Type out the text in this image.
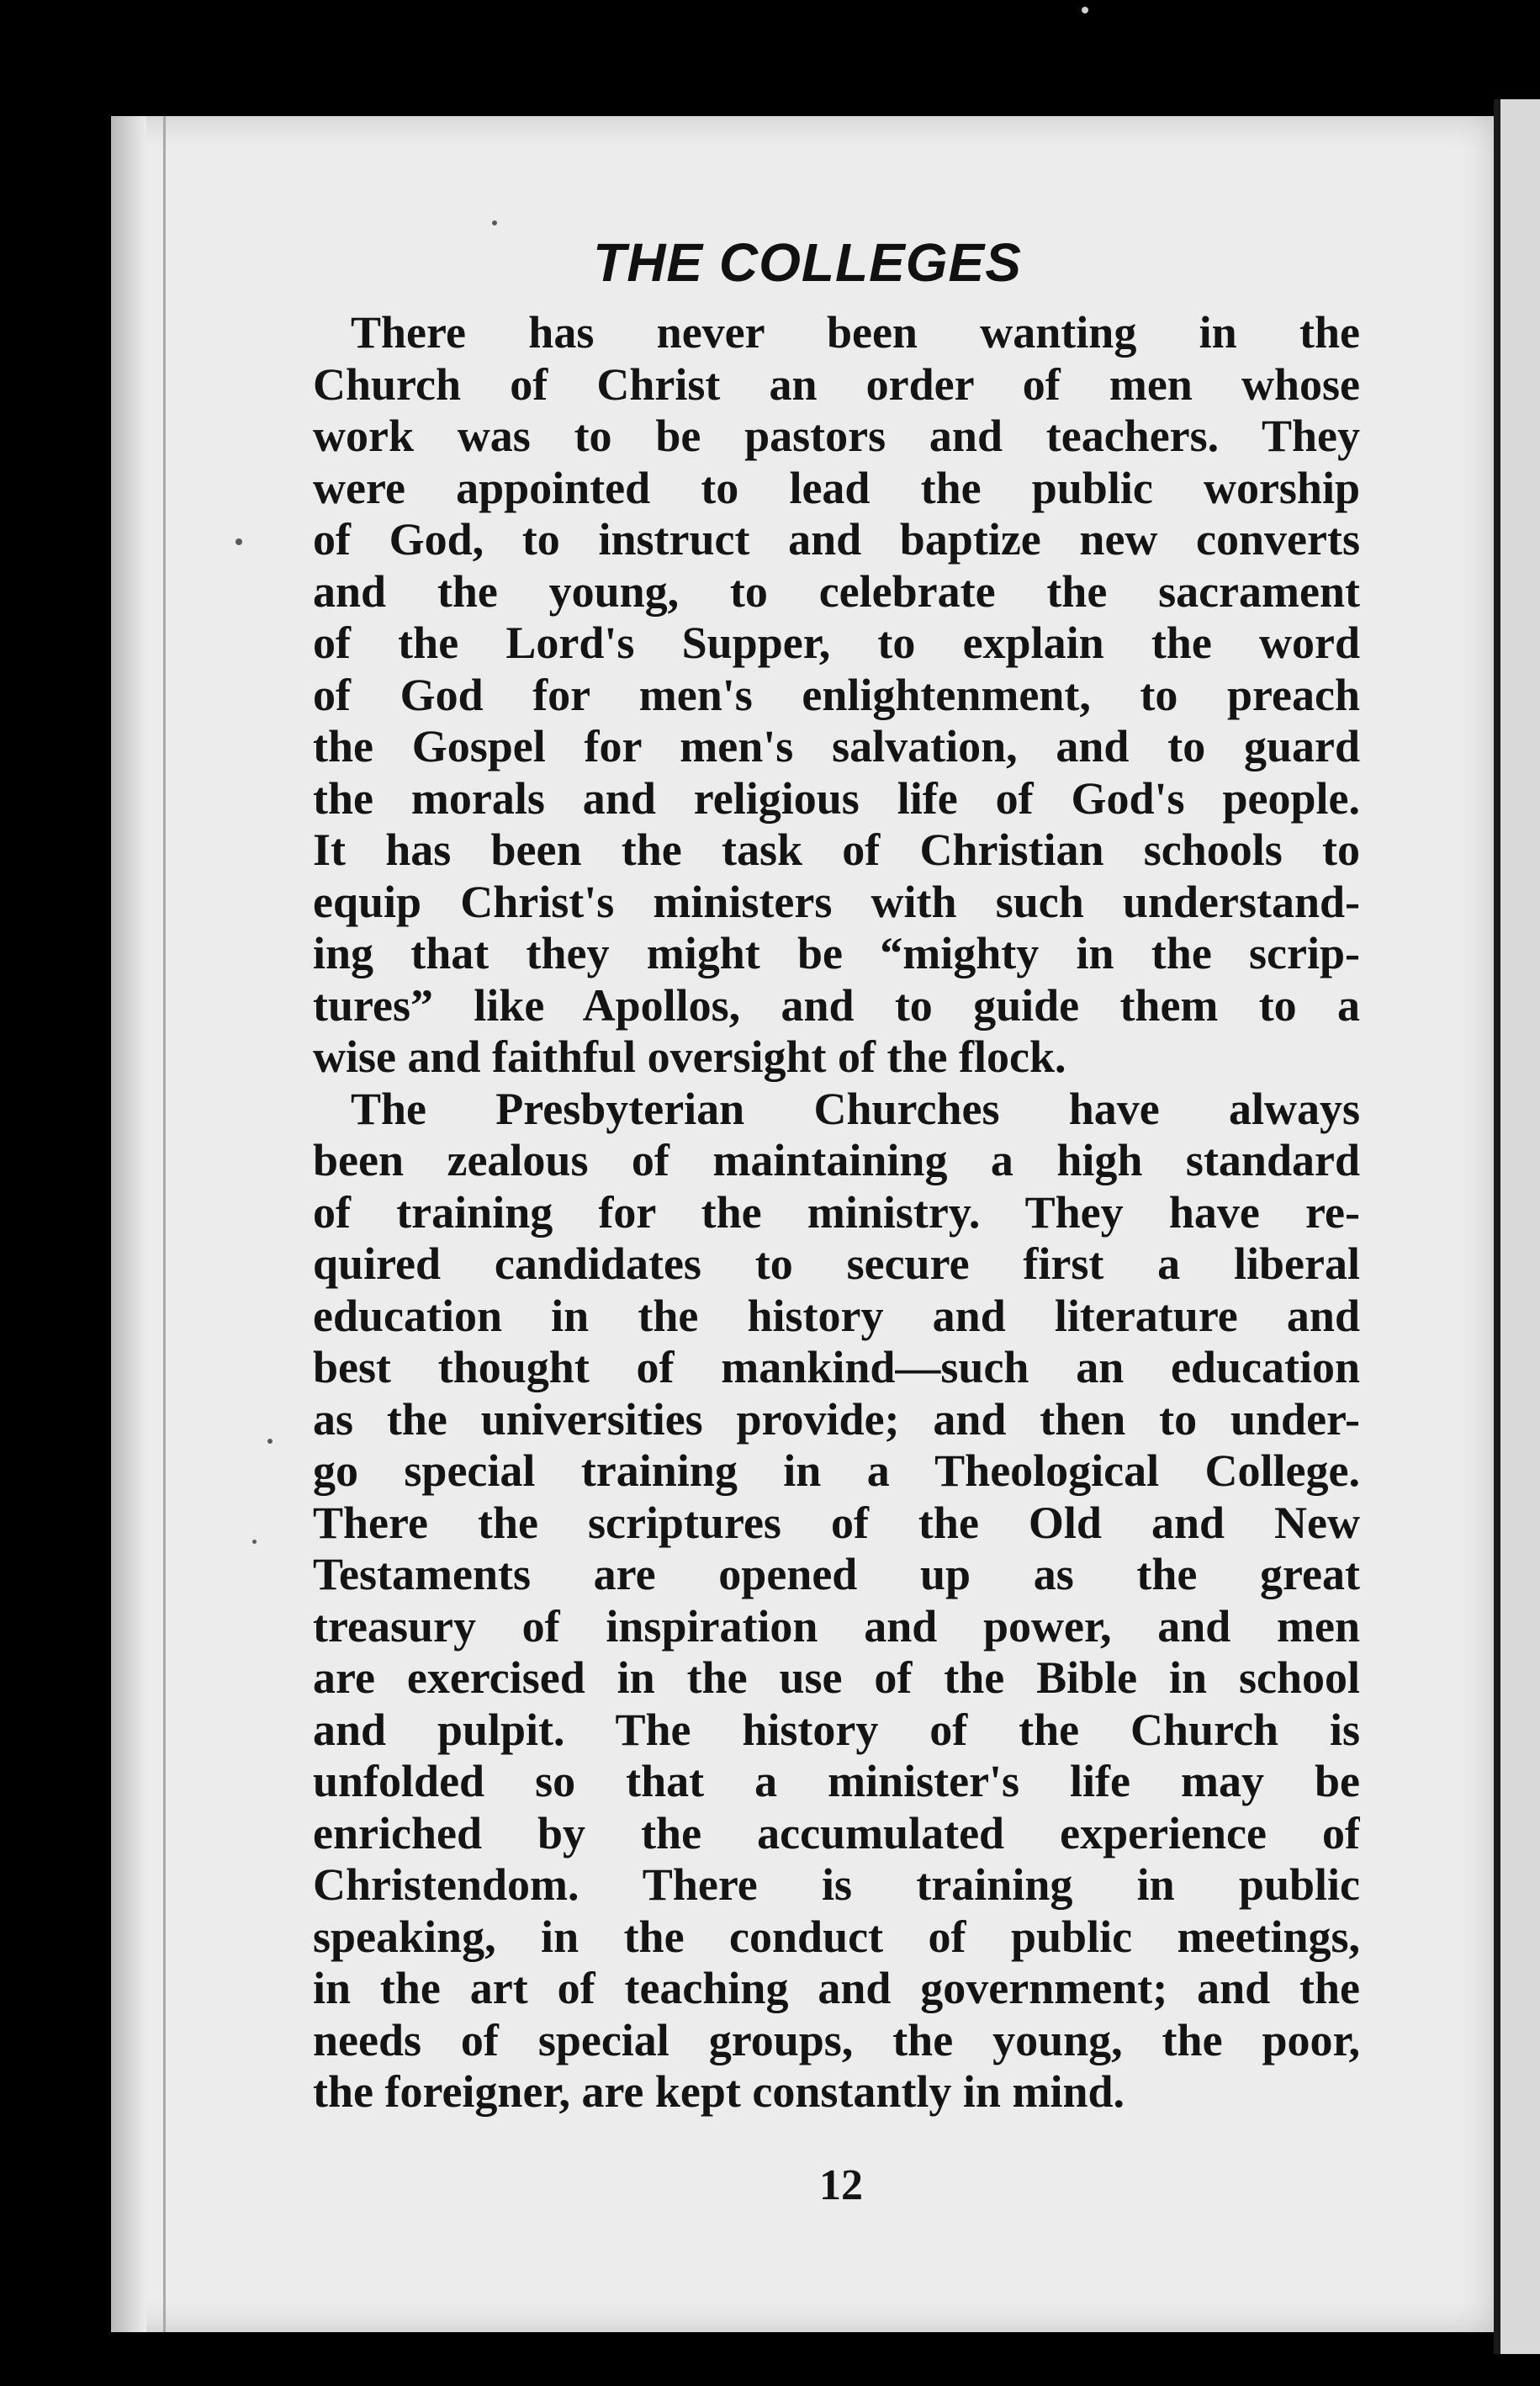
THE COLLEGES
There has never been wanting in the
Church of Christ an order of men whose
work was to be pastors and teachers. They
were appointed to lead the public worship
of God, to instruct and baptize new converts
and the young, to celebrate the sacrament
of the Lord's Supper, to explain the word
of God for men's enlightenment, to preach
the Gospel for men's salvation, and to guard
the morals and religious life of God's people.
It has been the task of Christian schools to
equip Christ's ministers with such understand-
ing that they might be “mighty in the scrip-
tures” like Apollos, and to guide them to a
wise and faithful oversight of the flock.
The Presbyterian Churches have always
been zealous of maintaining a high standard
of training for the ministry. They have re-
quired candidates to secure first a liberal
education in the history and literature and
best thought of mankind—such an education
as the universities provide; and then to under-
go special training in a Theological College.
There the scriptures of the Old and New
Testaments are opened up as the great
treasury of inspiration and power, and men
are exercised in the use of the Bible in school
and pulpit. The history of the Church is
unfolded so that a minister's life may be
enriched by the accumulated experience of
Christendom. There is training in public
speaking, in the conduct of public meetings,
in the art of teaching and government; and the
needs of special groups, the young, the poor,
the foreigner, are kept constantly in mind.
12
